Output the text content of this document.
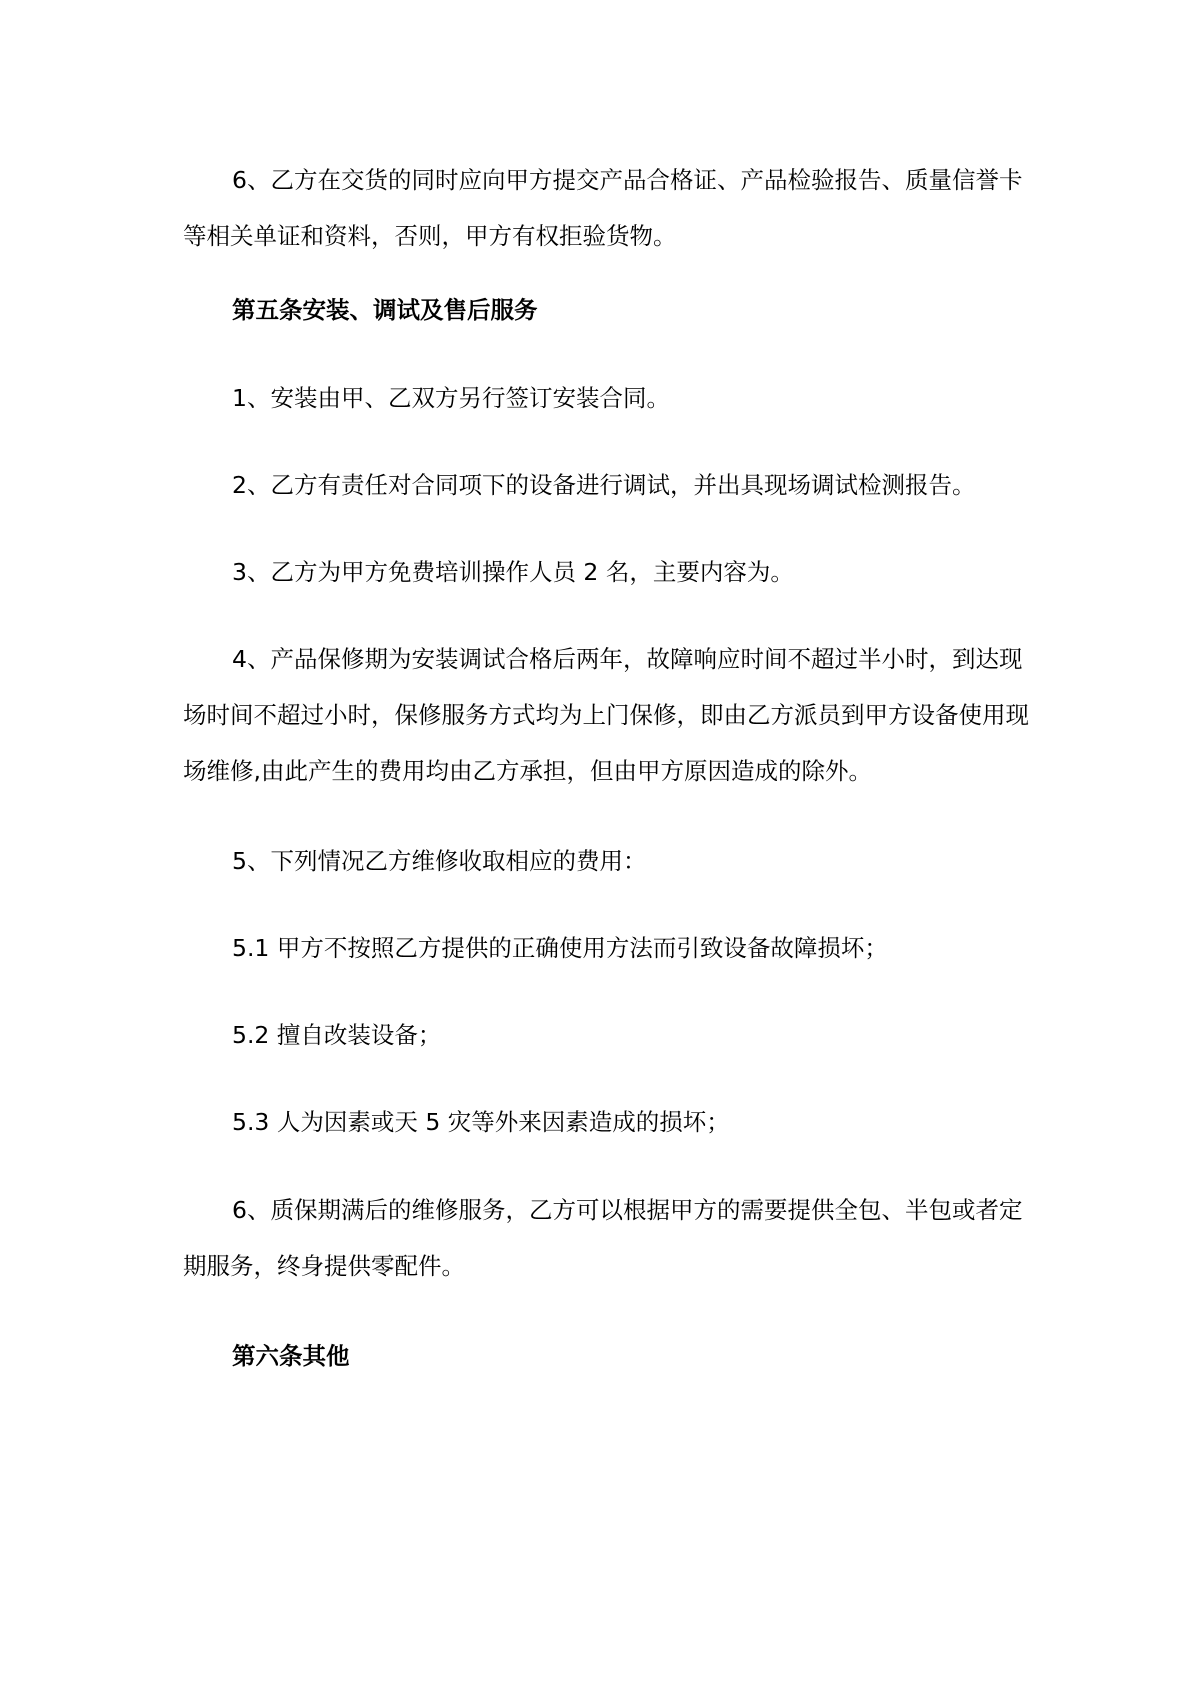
6、乙方在交货的同时应向甲方提交产品合格证、产品检验报告、质量信誉卡等相关单证和资料，否则，甲方有权拒验货物。

第五条安装、调试及售后服务

1、安装由甲、乙双方另行签订安装合同。

2、乙方有责任对合同项下的设备进行调试，并出具现场调试检测报告。

3、乙方为甲方免费培训操作人员 2 名，主要内容为。

4、产品保修期为安装调试合格后两年，故障响应时间不超过半小时，到达现场时间不超过小时，保修服务方式均为上门保修，即由乙方派员到甲方设备使用现场维修,由此产生的费用均由乙方承担，但由甲方原因造成的除外。

5、下列情况乙方维修收取相应的费用：

5.1 甲方不按照乙方提供的正确使用方法而引致设备故障损坏；

5.2 擅自改装设备；

5.3 人为因素或天 5 灾等外来因素造成的损坏；

6、质保期满后的维修服务，乙方可以根据甲方的需要提供全包、半包或者定期服务，终身提供零配件。

第六条其他
